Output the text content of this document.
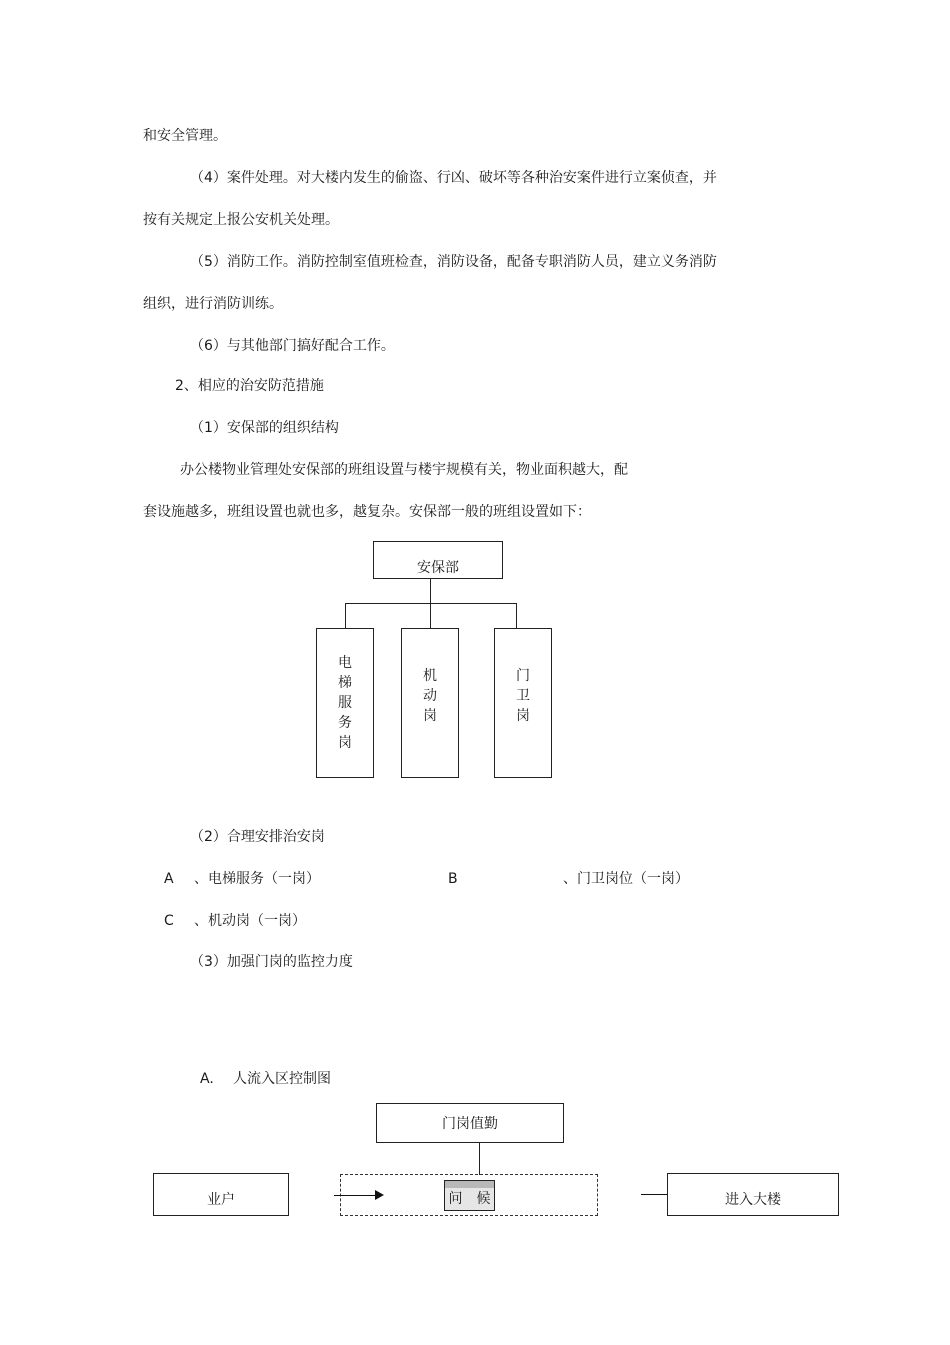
和安全管理。
（4）案件处理。对大楼内发生的偷盗、行凶、破坏等各种治安案件进行立案侦查，并
按有关规定上报公安机关处理。
（5）消防工作。消防控制室值班检查，消防设备，配备专职消防人员，建立义务消防
组织，进行消防训练。
（6）与其他部门搞好配合工作。
2、相应的治安防范措施
（1）安保部的组织结构
办公楼物业管理处安保部的班组设置与楼宇规模有关，物业面积越大，配
套设施越多，班组设置也就也多，越复杂。安保部一般的班组设置如下：
安保部
电
梯
服
务
岗
机
动
岗
门
卫
岗
（2）合理安排治安岗
A 、电梯服务（一岗）	B	、门卫岗位（一岗）
C 、机动岗（一岗）
（3）加强门岗的监控力度
A. 人流入区控制图
门岗值勤
业户	问　候	进入大楼
